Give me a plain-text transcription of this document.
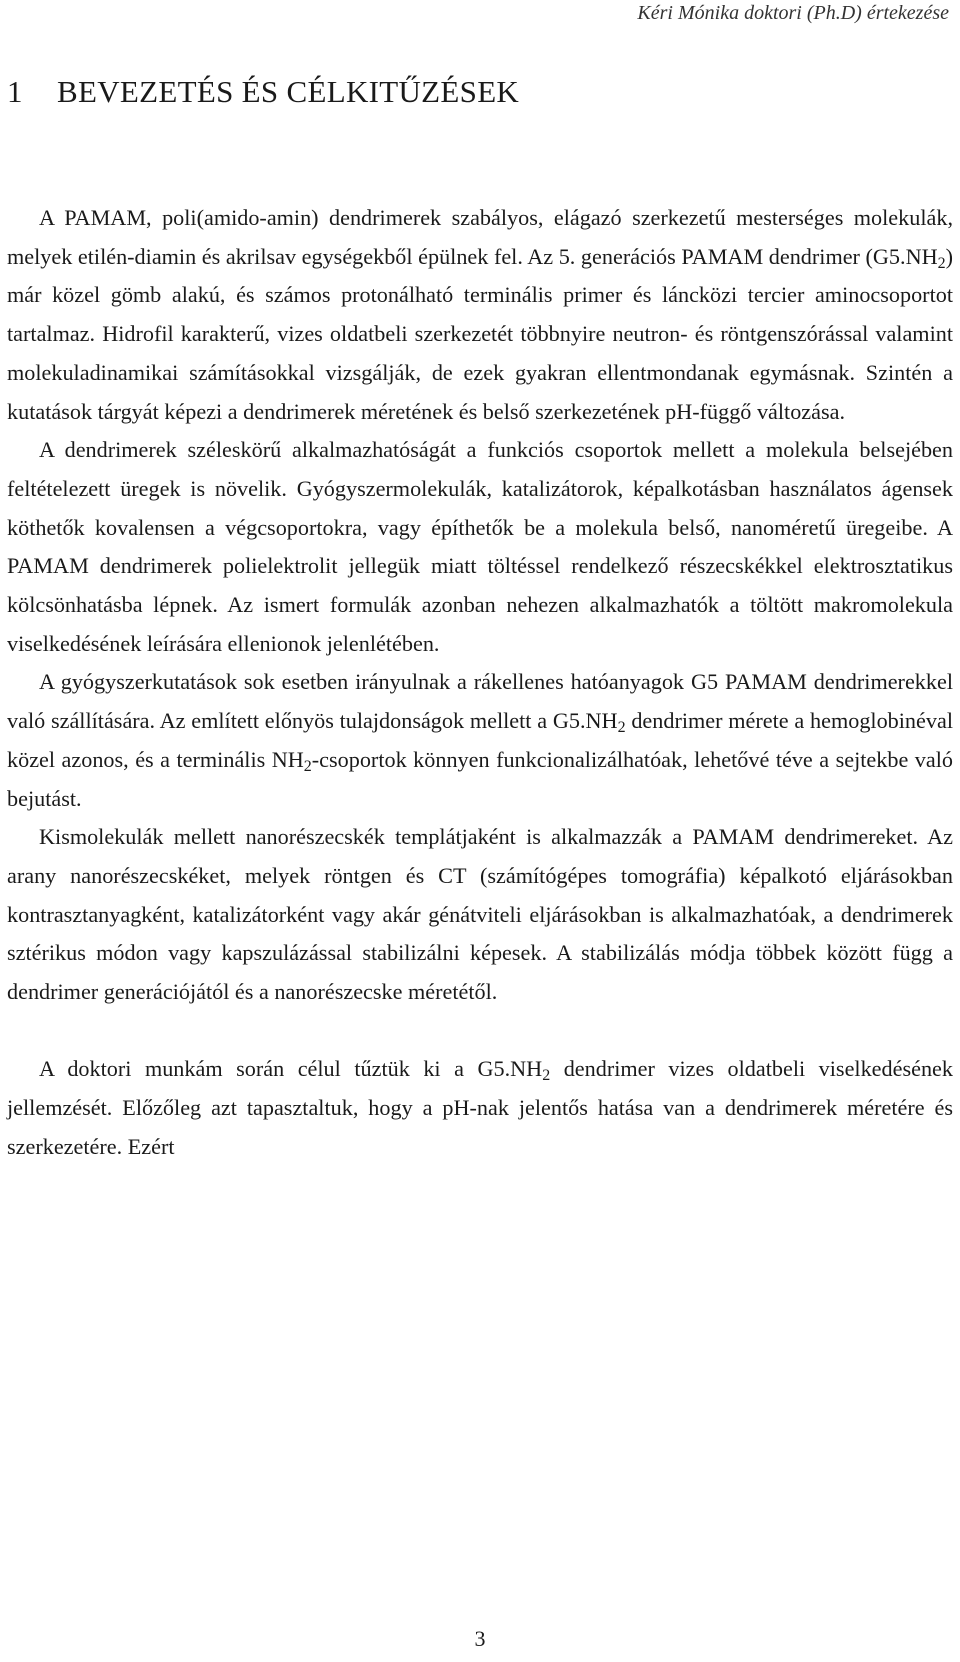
Kéri Mónika doktori (Ph.D) értekezése
1 BEVEZETÉS ÉS CÉLKITŰZÉSEK

A PAMAM, poli(amido-amin) dendrimerek szabályos, elágazó szerkezetű mesterséges molekulák, melyek etilén-diamin és akrilsav egységekből épülnek fel. Az 5. generációs PAMAM dendrimer $(G5.NH_2)$ már közel gömb alakú, és számos protonálható terminális primer és láncközi tercier aminocsoportot tartalmaz. Hidrofil karakterű, vizes oldatbeli szerkezetét többnyire neutron- és röntgenszórással valamint molekuladinamikai számításokkal vizsgálják, de ezek gyakran ellentmondanak egymásnak. Szintén a kutatások tárgyát képezi a dendrimerek méretének és belső szerkezetének pH-függő változása.

A dendrimerek széleskörű alkalmazhatóságát a funkciós csoportok mellett a molekula belsejében feltételezett üregek is növelik. Gyógyszermolekulák, katalizátorok, képalkotásban használatos ágensek köthetők kovalensen a végcsoportokra, vagy építhetők be a molekula belső, nanoméretű üregeibe. A PAMAM dendrimerek polielektrolit jellegük miatt töltéssel rendelkező részecskékkel elektrosztatikus kölcsönhatásba lépnek. Az ismert formulák azonban nehezen alkalmazhatók a töltött makromolekula viselkedésének leírására ellenionok jelenlétében.

A gyógyszerkutatások sok esetben irányulnak a rákellenes hatóanyagok G5 PAMAM dendrimerekkel való szállítására. Az említett előnyös tulajdonságok mellett a $G5.NH_2$ dendrimer mérete a hemoglobinéval közel azonos, és a terminális $NH_2$-csoportok könnyen funkcionalizálhatóak, lehetővé téve a sejtekbe való bejutást.

Kismolekulák mellett nanorészecskék templátjaként is alkalmazzák a PAMAM dendrimereket. Az arany nanorészecskéket, melyek röntgen és CT (számítógépes tomográfia) képalkotó eljárásokban kontrasztanyagként, katalizátorként vagy akár génátviteli eljárásokban is alkalmazhatóak, a dendrimerek sztérikus módon vagy kapszulázással stabilizálni képesek. A stabilizálás módja többek között függ a dendrimer generációjától és a nanorészecske méretétől.

A doktori munkám során célul tűztük ki a $G5.NH_2$ dendrimer vizes oldatbeli viselkedésének jellemzését. Előzőleg azt tapasztaltuk, hogy a pH-nak jelentős hatása van a dendrimerek méretére és szerkezetére. Ezért

3
